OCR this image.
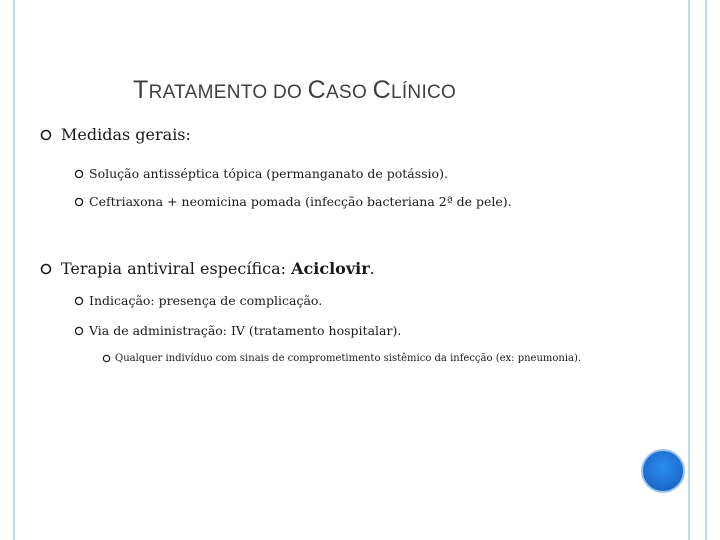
TRATAMENTO DO CASO CLÍNICO
Medidas gerais:
Solução antisséptica tópica (permanganato de potássio).
Ceftriaxona + neomicina pomada (infecção bacteriana 2ª de pele).
Terapia antiviral específica: Aciclovir.
Indicação: presença de complicação.
Via de administração: IV (tratamento hospitalar).
Qualquer indivíduo com sinais de comprometimento sistêmico da infecção (ex: pneumonia).
